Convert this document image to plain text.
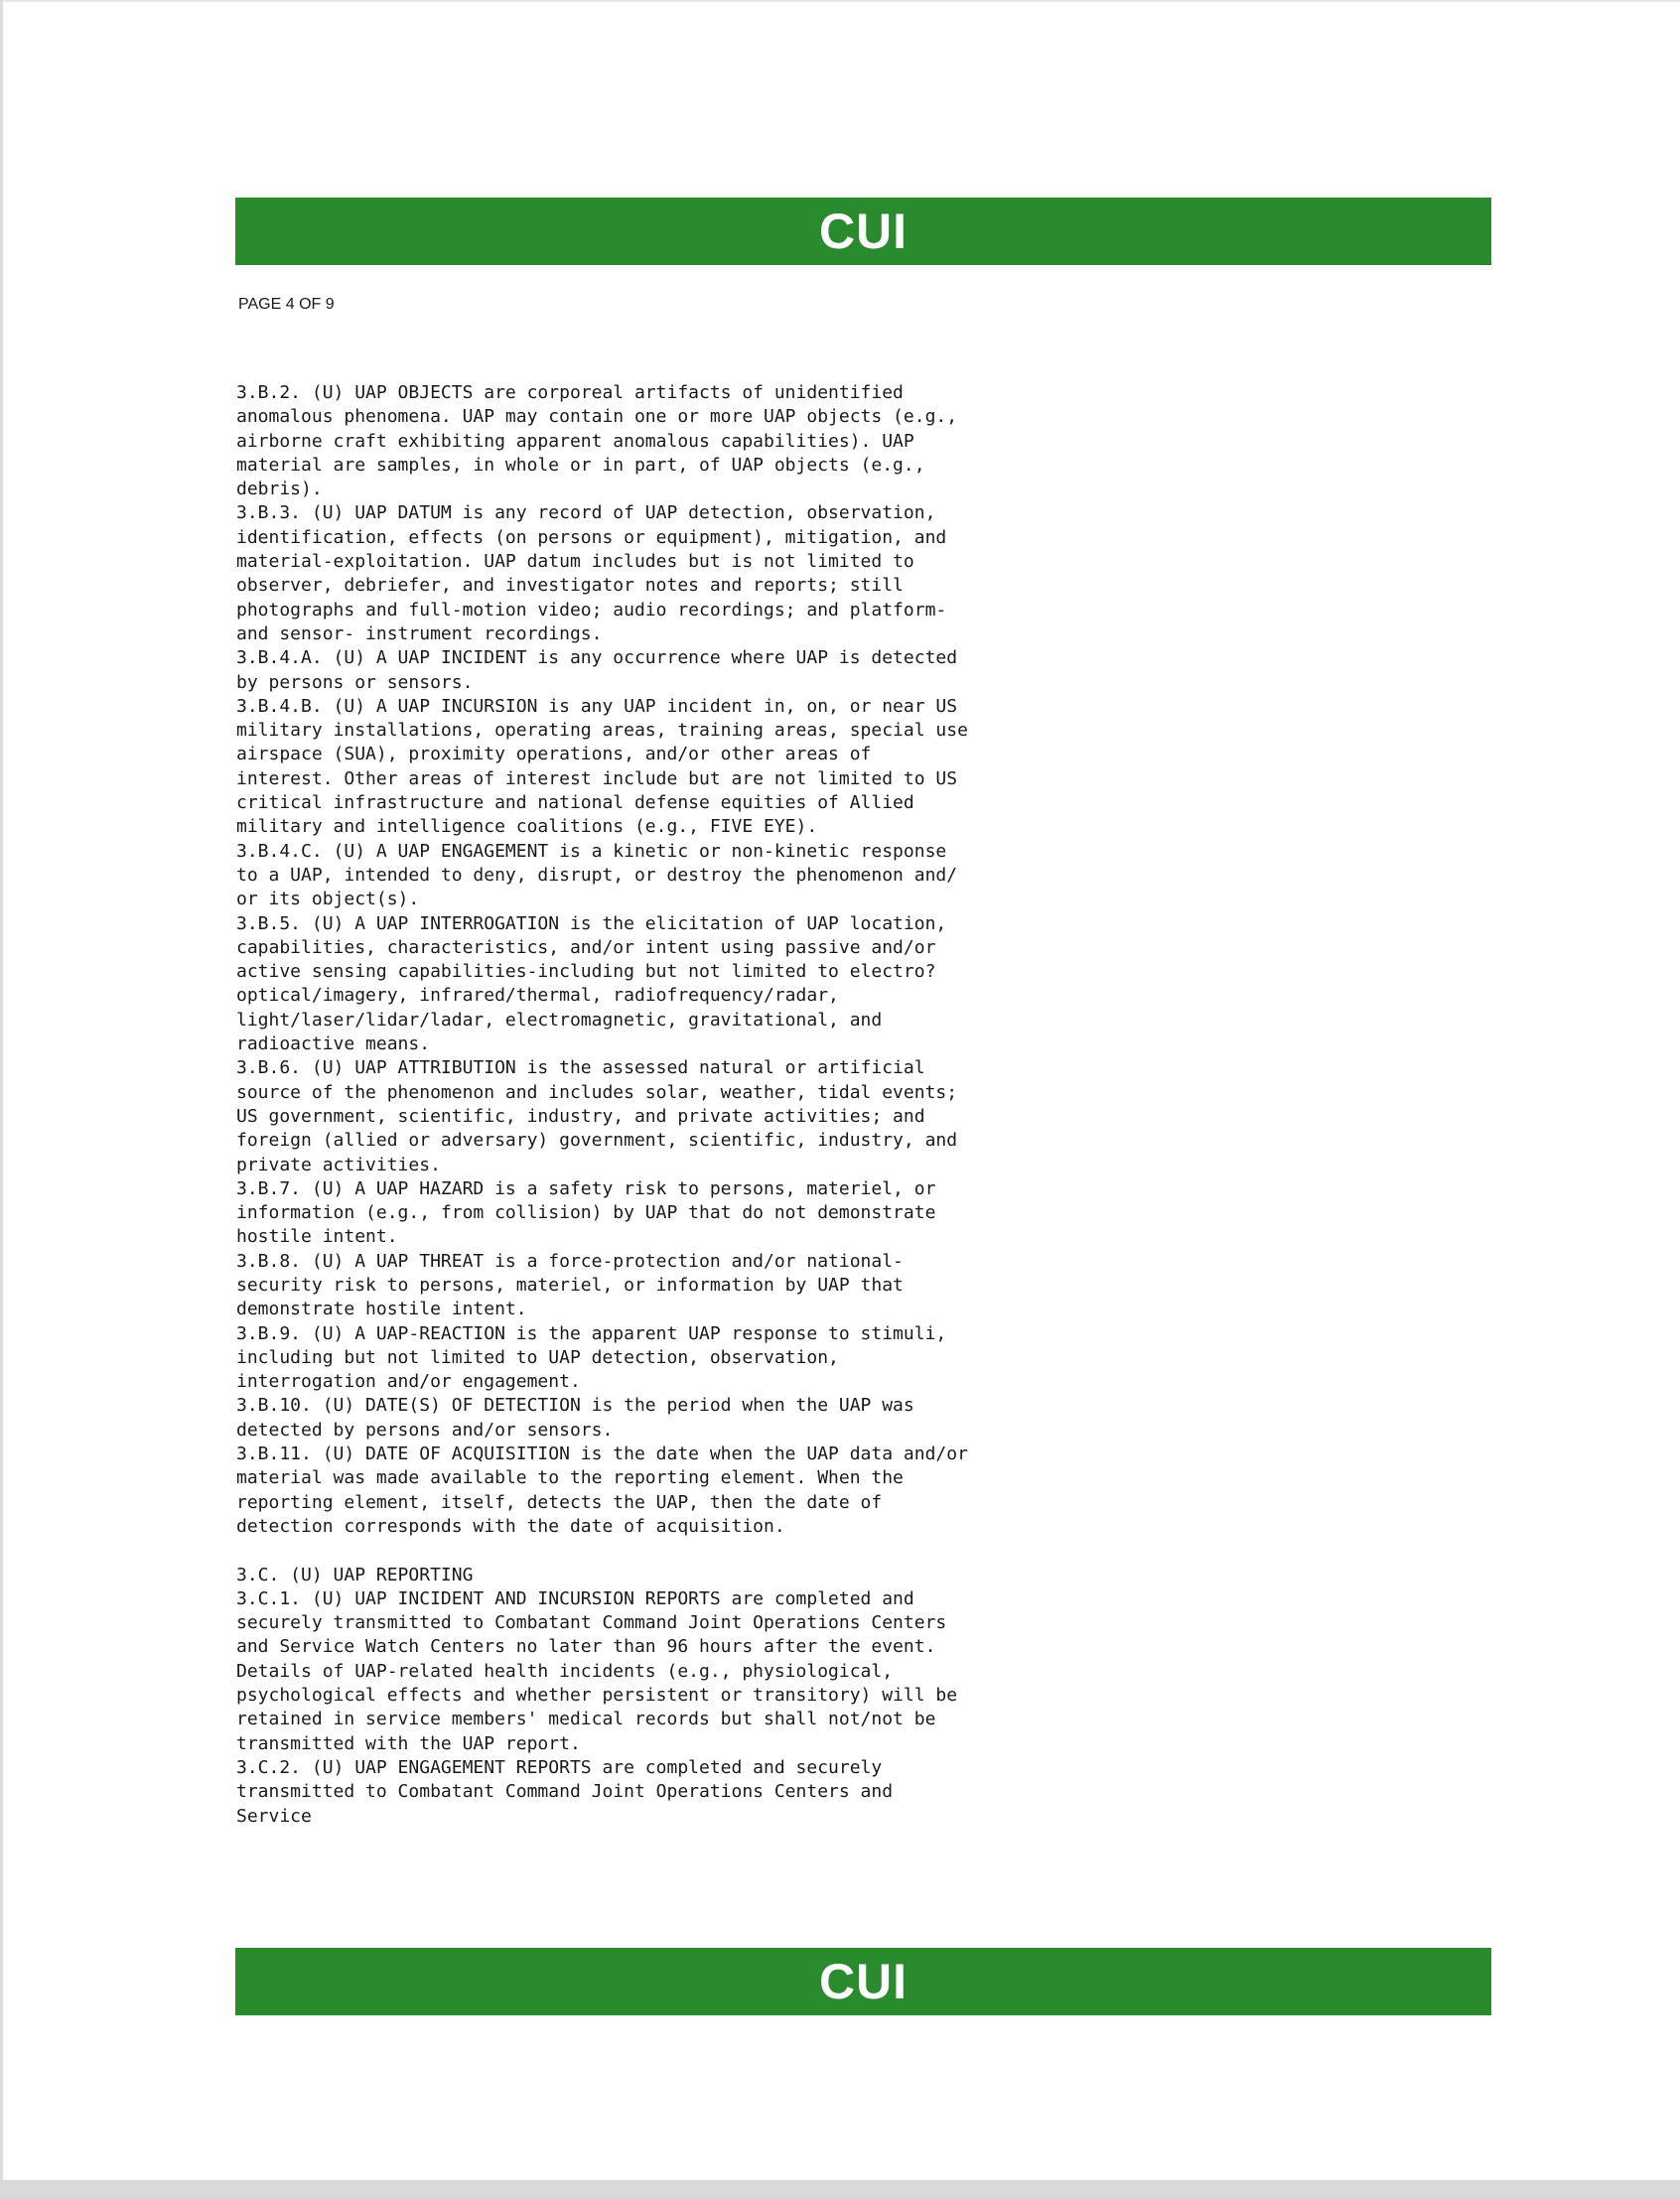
CUI
PAGE 4 OF 9
3.B.2. (U) UAP OBJECTS are corporeal artifacts of unidentified
anomalous phenomena. UAP may contain one or more UAP objects (e.g.,
airborne craft exhibiting apparent anomalous capabilities). UAP
material are samples, in whole or in part, of UAP objects (e.g.,
debris).
3.B.3. (U) UAP DATUM is any record of UAP detection, observation,
identification, effects (on persons or equipment), mitigation, and
material-exploitation. UAP datum includes but is not limited to
observer, debriefer, and investigator notes and reports; still
photographs and full-motion video; audio recordings; and platform-
and sensor- instrument recordings.
3.B.4.A. (U) A UAP INCIDENT is any occurrence where UAP is detected
by persons or sensors.
3.B.4.B. (U) A UAP INCURSION is any UAP incident in, on, or near US
military installations, operating areas, training areas, special use
airspace (SUA), proximity operations, and/or other areas of
interest. Other areas of interest include but are not limited to US
critical infrastructure and national defense equities of Allied
military and intelligence coalitions (e.g., FIVE EYE).
3.B.4.C. (U) A UAP ENGAGEMENT is a kinetic or non-kinetic response
to a UAP, intended to deny, disrupt, or destroy the phenomenon and/
or its object(s).
3.B.5. (U) A UAP INTERROGATION is the elicitation of UAP location,
capabilities, characteristics, and/or intent using passive and/or
active sensing capabilities-including but not limited to electro?
optical/imagery, infrared/thermal, radiofrequency/radar,
light/laser/lidar/ladar, electromagnetic, gravitational, and
radioactive means.
3.B.6. (U) UAP ATTRIBUTION is the assessed natural or artificial
source of the phenomenon and includes solar, weather, tidal events;
US government, scientific, industry, and private activities; and
foreign (allied or adversary) government, scientific, industry, and
private activities.
3.B.7. (U) A UAP HAZARD is a safety risk to persons, materiel, or
information (e.g., from collision) by UAP that do not demonstrate
hostile intent.
3.B.8. (U) A UAP THREAT is a force-protection and/or national-
security risk to persons, materiel, or information by UAP that
demonstrate hostile intent.
3.B.9. (U) A UAP-REACTION is the apparent UAP response to stimuli,
including but not limited to UAP detection, observation,
interrogation and/or engagement.
3.B.10. (U) DATE(S) OF DETECTION is the period when the UAP was
detected by persons and/or sensors.
3.B.11. (U) DATE OF ACQUISITION is the date when the UAP data and/or
material was made available to the reporting element. When the
reporting element, itself, detects the UAP, then the date of
detection corresponds with the date of acquisition.
3.C. (U) UAP REPORTING
3.C.1. (U) UAP INCIDENT AND INCURSION REPORTS are completed and
securely transmitted to Combatant Command Joint Operations Centers
and Service Watch Centers no later than 96 hours after the event.
Details of UAP-related health incidents (e.g., physiological,
psychological effects and whether persistent or transitory) will be
retained in service members' medical records but shall not/not be
transmitted with the UAP report.
3.C.2. (U) UAP ENGAGEMENT REPORTS are completed and securely
transmitted to Combatant Command Joint Operations Centers and
Service
CUI
